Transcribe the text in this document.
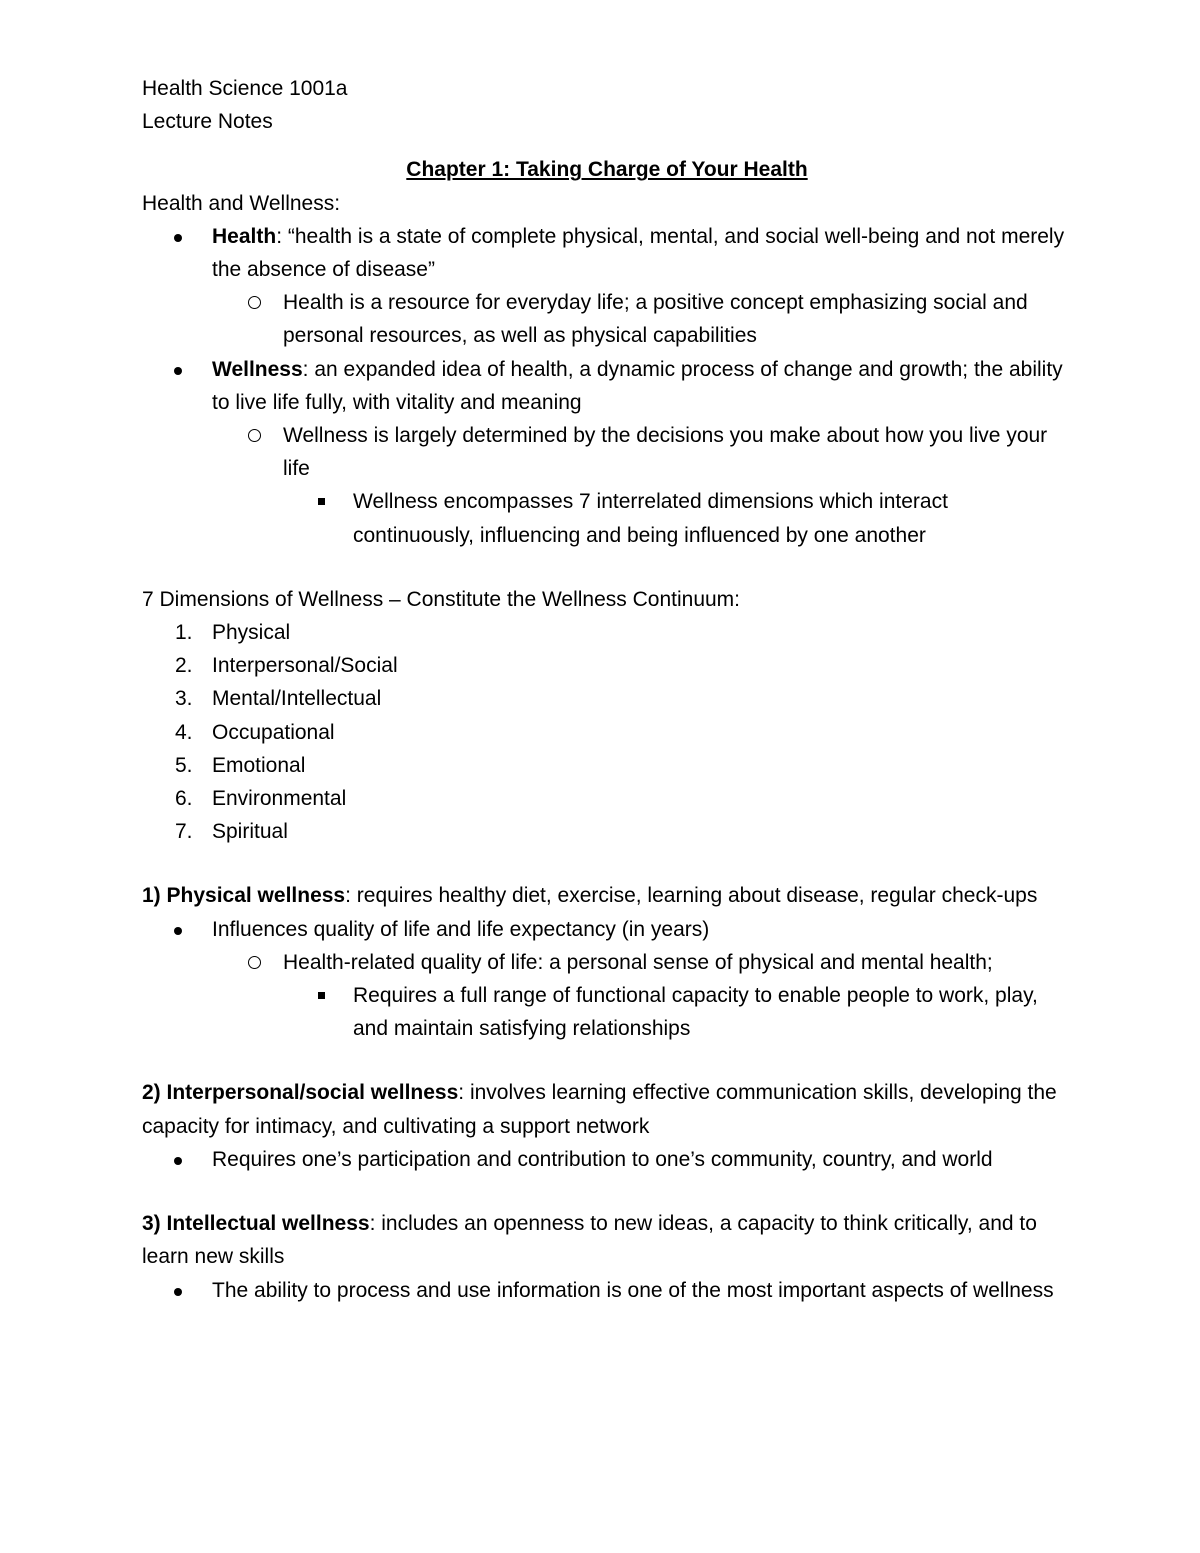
Health Science 1001a

Lecture Notes

Chapter 1: Taking Charge of Your Health

Health and Wellness:

Health: “health is a state of complete physical, mental, and social well-being and not merely the absence of disease”
Health is a resource for everyday life; a positive concept emphasizing social and personal resources, as well as physical capabilities
Wellness: an expanded idea of health, a dynamic process of change and growth; the ability to live life fully, with vitality and meaning
Wellness is largely determined by the decisions you make about how you live your life
Wellness encompasses 7 interrelated dimensions which interact continuously, influencing and being influenced by one another

7 Dimensions of Wellness – Constitute the Wellness Continuum:

1. Physical
2. Interpersonal/Social
3. Mental/Intellectual
4. Occupational
5. Emotional
6. Environmental
7. Spiritual
1) Physical wellness: requires healthy diet, exercise, learning about disease, regular check-ups
Influences quality of life and life expectancy (in years)
Health-related quality of life: a personal sense of physical and mental health;
Requires a full range of functional capacity to enable people to work, play, and maintain satisfying relationships
2) Interpersonal/social wellness: involves learning effective communication skills, developing the capacity for intimacy, and cultivating a support network
Requires one’s participation and contribution to one’s community, country, and world
3) Intellectual wellness: includes an openness to new ideas, a capacity to think critically, and to learn new skills
The ability to process and use information is one of the most important aspects of wellness
